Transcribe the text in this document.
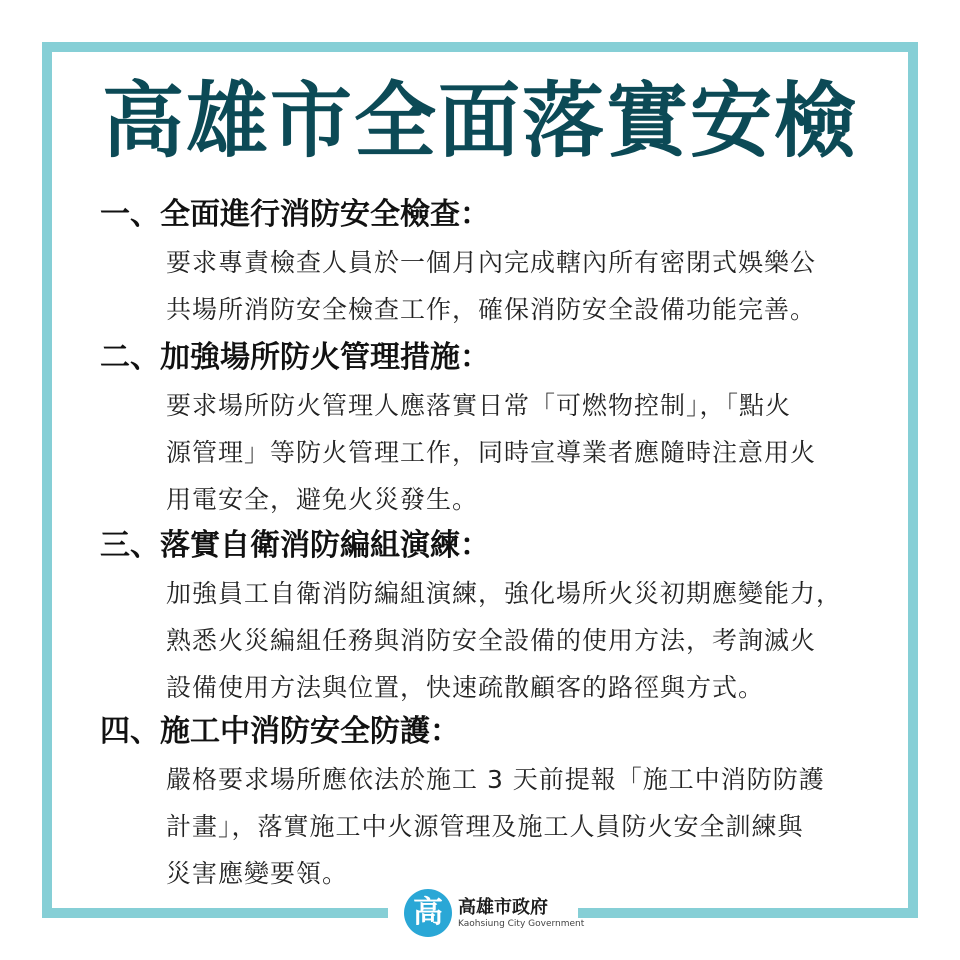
高雄市全面落實安檢
一、全面進行消防安全檢查：
要求專責檢查人員於一個月內完成轄內所有密閉式娛樂公
共場所消防安全檢查工作，確保消防安全設備功能完善。
二、加強場所防火管理措施：
要求場所防火管理人應落實日常「可燃物控制」，「點火
源管理」等防火管理工作，同時宣導業者應隨時注意用火
用電安全，避免火災發生。
三、落實自衛消防編組演練：
加強員工自衛消防編組演練，強化場所火災初期應變能力，
熟悉火災編組任務與消防安全設備的使用方法，考詢滅火
設備使用方法與位置，快速疏散顧客的路徑與方式。
四、施工中消防安全防護：
嚴格要求場所應依法於施工 3 天前提報「施工中消防防護
計畫」，落實施工中火源管理及施工人員防火安全訓練與
災害應變要領。
高 高雄市政府
Kaohsiung City Government
